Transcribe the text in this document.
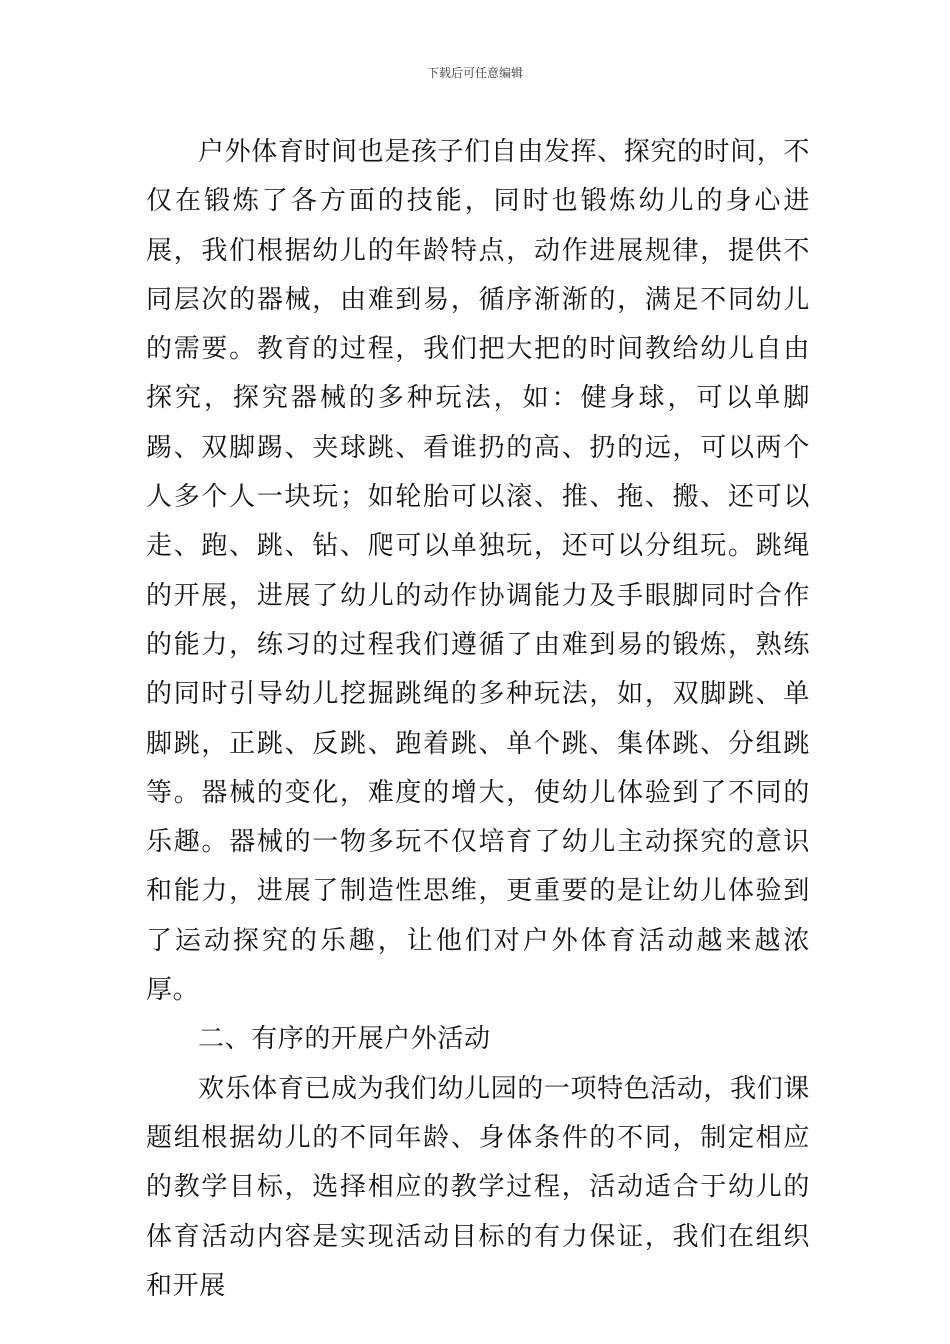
下载后可任意编辑

户外体育时间也是孩子们自由发挥、探究的时间，不仅在锻炼了各方面的技能，同时也锻炼幼儿的身心进展，我们根据幼儿的年龄特点，动作进展规律，提供不同层次的器械，由难到易，循序渐渐的，满足不同幼儿的需要。教育的过程，我们把大把的时间教给幼儿自由探究，探究器械的多种玩法，如：健身球，可以单脚踢、双脚踢、夹球跳、看谁扔的高、扔的远，可以两个人多个人一块玩；如轮胎可以滚、推、拖、搬、还可以走、跑、跳、钻、爬可以单独玩，还可以分组玩。跳绳的开展，进展了幼儿的动作协调能力及手眼脚同时合作的能力，练习的过程我们遵循了由难到易的锻炼，熟练的同时引导幼儿挖掘跳绳的多种玩法，如，双脚跳、单脚跳，正跳、反跳、跑着跳、单个跳、集体跳、分组跳等。器械的变化，难度的增大，使幼儿体验到了不同的乐趣。器械的一物多玩不仅培育了幼儿主动探究的意识和能力，进展了制造性思维，更重要的是让幼儿体验到了运动探究的乐趣，让他们对户外体育活动越来越浓厚。

二、有序的开展户外活动

欢乐体育已成为我们幼儿园的一项特色活动，我们课题组根据幼儿的不同年龄、身体条件的不同，制定相应的教学目标，选择相应的教学过程，活动适合于幼儿的体育活动内容是实现活动目标的有力保证，我们在组织和开展
